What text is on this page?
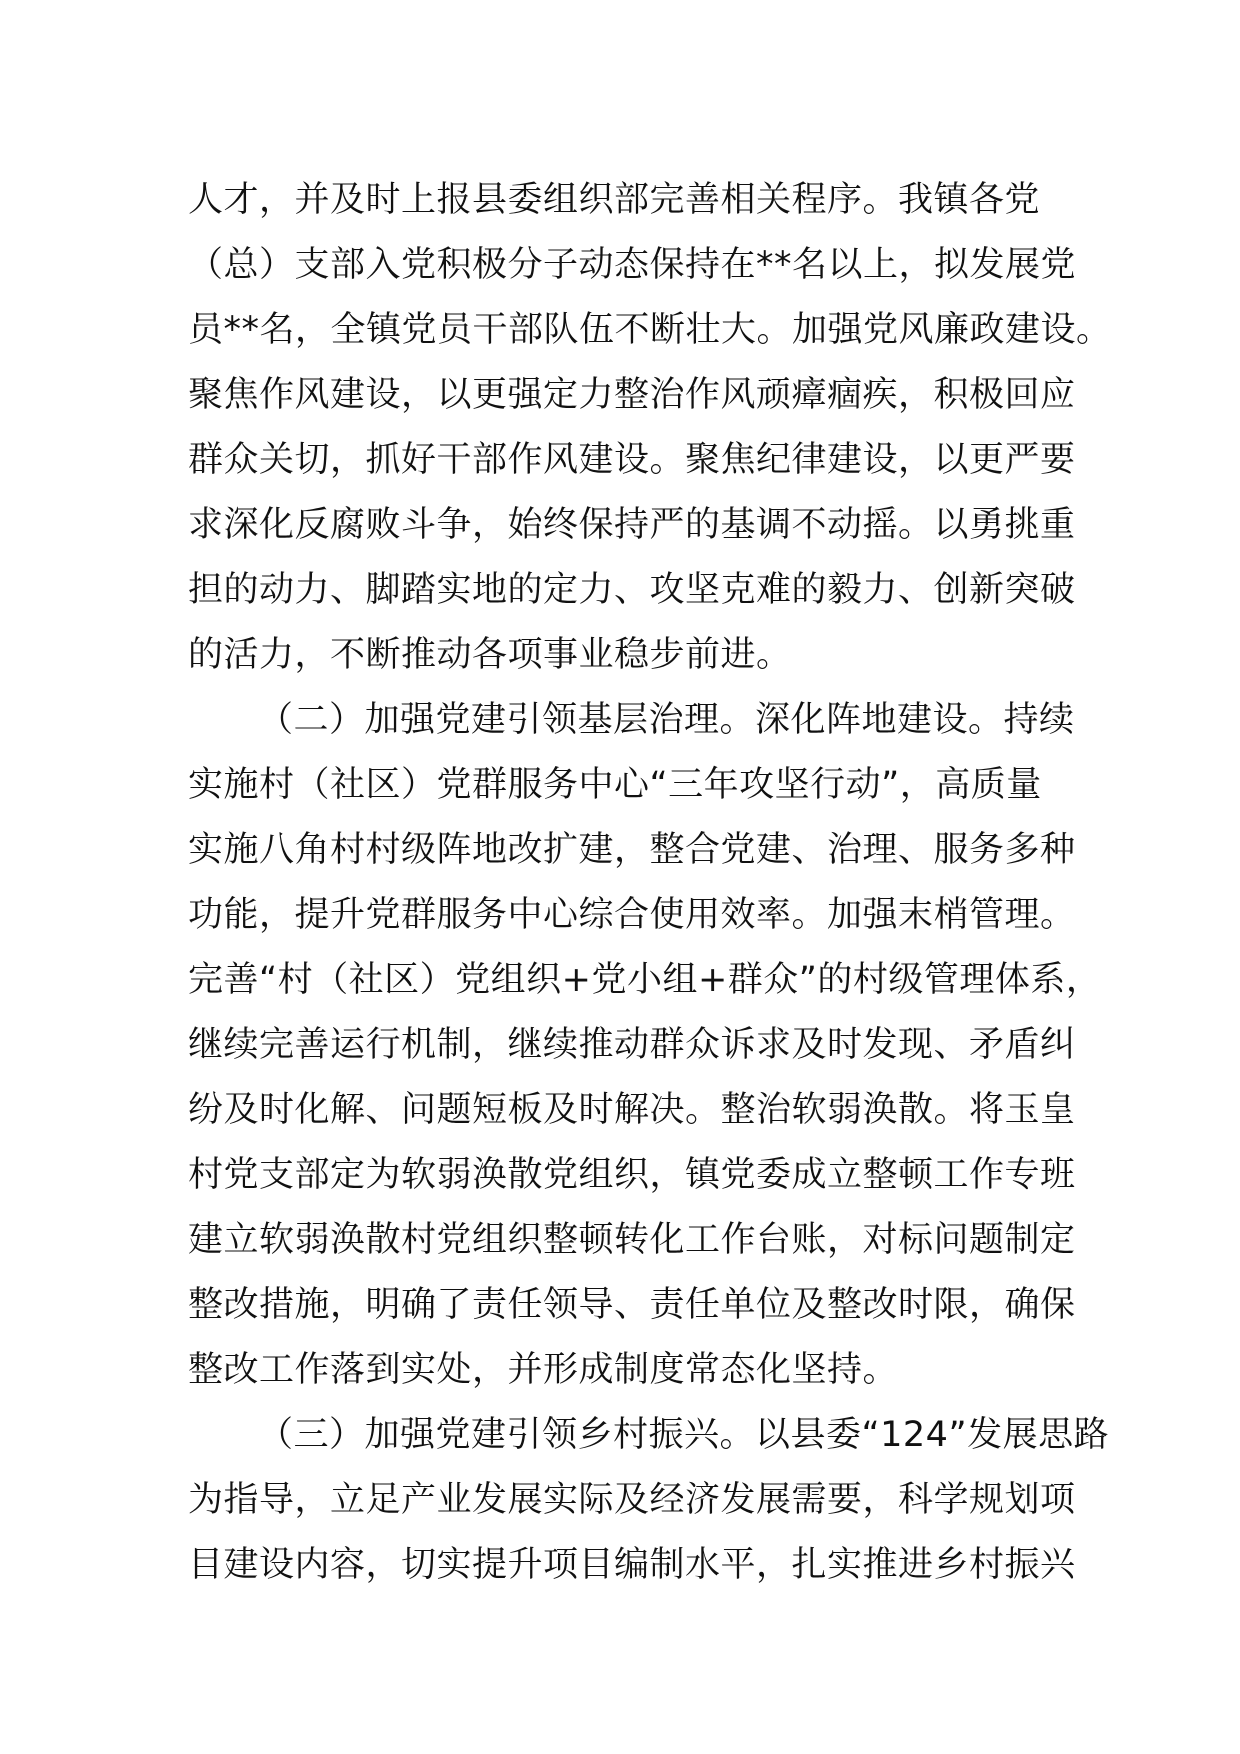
人才，并及时上报县委组织部完善相关程序。我镇各党
（总）支部入党积极分子动态保持在**名以上，拟发展党
员**名，全镇党员干部队伍不断壮大。加强党风廉政建设。
聚焦作风建设，以更强定力整治作风顽瘴痼疾，积极回应
群众关切，抓好干部作风建设。聚焦纪律建设，以更严要
求深化反腐败斗争，始终保持严的基调不动摇。以勇挑重
担的动力、脚踏实地的定力、攻坚克难的毅力、创新突破
的活力，不断推动各项事业稳步前进。
（二）加强党建引领基层治理。深化阵地建设。持续
实施村（社区）党群服务中心“三年攻坚行动”，高质量
实施八角村村级阵地改扩建，整合党建、治理、服务多种
功能，提升党群服务中心综合使用效率。加强末梢管理。
完善“村（社区）党组织+党小组+群众”的村级管理体系，
继续完善运行机制，继续推动群众诉求及时发现、矛盾纠
纷及时化解、问题短板及时解决。整治软弱涣散。将玉皇
村党支部定为软弱涣散党组织，镇党委成立整顿工作专班
建立软弱涣散村党组织整顿转化工作台账，对标问题制定
整改措施，明确了责任领导、责任单位及整改时限，确保
整改工作落到实处，并形成制度常态化坚持。
（三）加强党建引领乡村振兴。以县委“124”发展思路
为指导，立足产业发展实际及经济发展需要，科学规划项
目建设内容，切实提升项目编制水平，扎实推进乡村振兴
